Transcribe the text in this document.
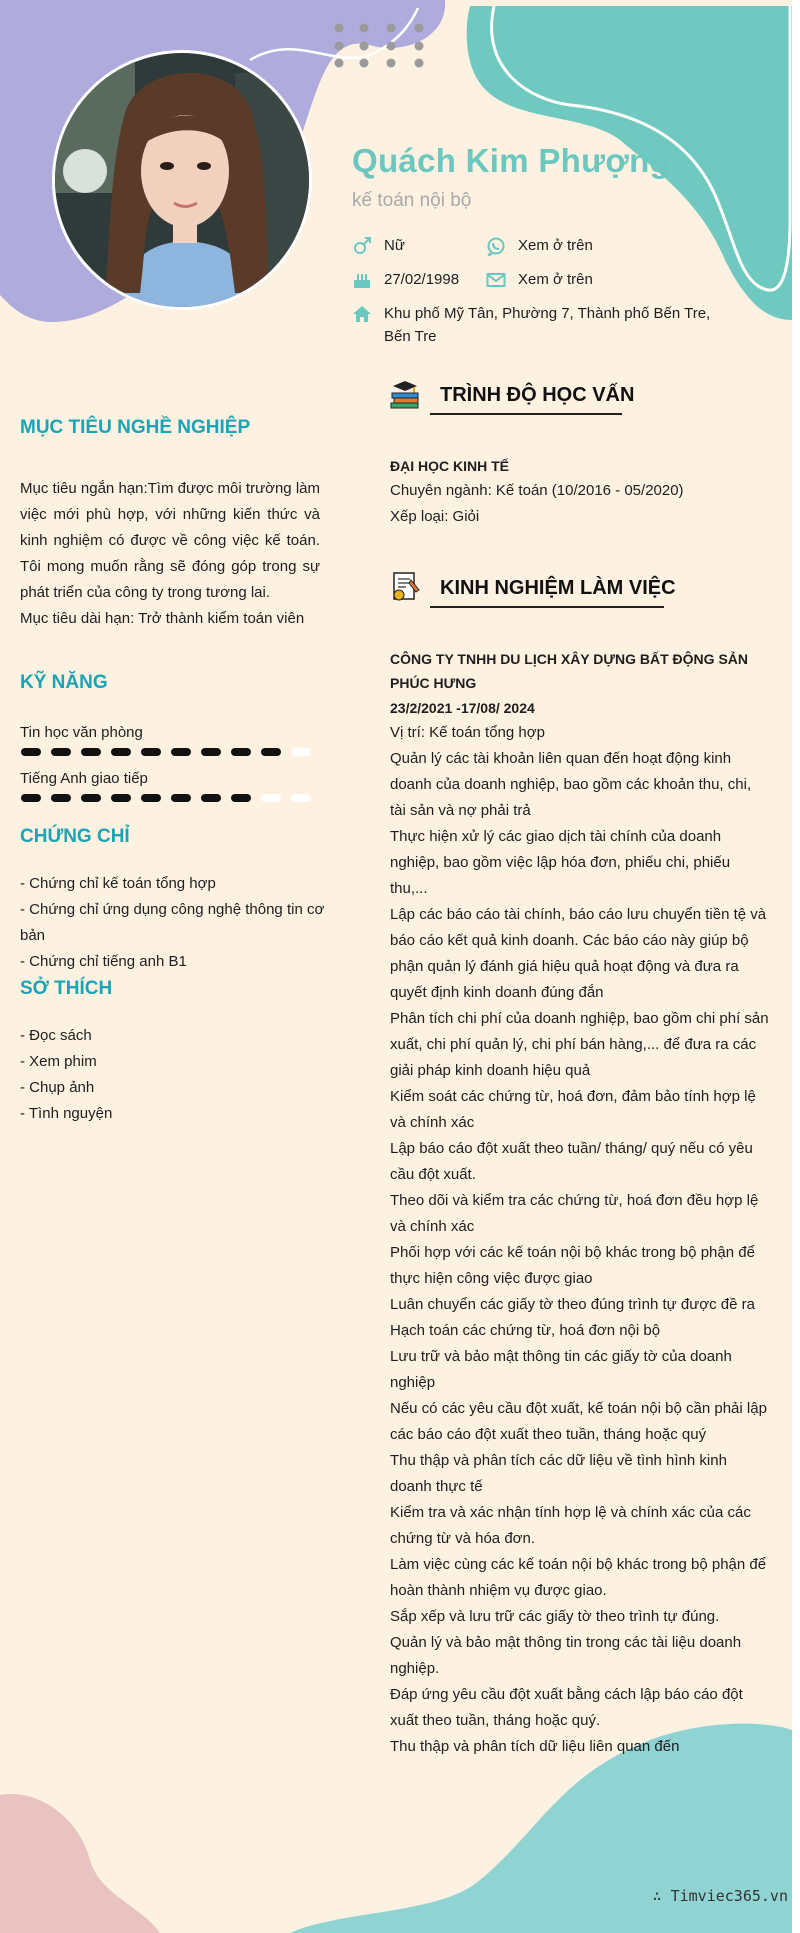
Quách Kim Phượng
kế toán nội bộ
Nữ	Xem ở trên
27/02/1998	Xem ở trên
Khu phố Mỹ Tân, Phường 7, Thành phố Bến Tre,
Bến Tre
MỤC TIÊU NGHỀ NGHIỆP
Mục tiêu ngắn hạn:Tìm được môi trường làm việc mới phù hợp, với những kiến thức và kinh nghiệm có được về công việc kế toán. Tôi mong muốn rằng sẽ đóng góp trong sự phát triển của công ty trong tương lai.
Mục tiêu dài hạn: Trở thành kiểm toán viên
KỸ NĂNG
Tin học văn phòng
Tiếng Anh giao tiếp
CHỨNG CHỈ
- Chứng chỉ kế toán tổng hợp
- Chứng chỉ ứng dụng công nghệ thông tin cơ bản
- Chứng chỉ tiếng anh B1
SỞ THÍCH
- Đọc sách
- Xem phim
- Chụp ảnh
- Tình nguyện
TRÌNH ĐỘ HỌC VẤN
ĐẠI HỌC KINH TẾ
Chuyên ngành: Kế toán (10/2016 - 05/2020)
Xếp loại: Giỏi
KINH NGHIỆM LÀM VIỆC
CÔNG TY TNHH DU LỊCH XÂY DỰNG BẤT ĐỘNG SẢN PHÚC HƯNG
23/2/2021 -17/08/ 2024
Vị trí: Kế toán tổng hợp
Quản lý các tài khoản liên quan đến hoạt động kinh doanh của doanh nghiệp, bao gồm các khoản thu, chi, tài sản và nợ phải trả
Thực hiện xử lý các giao dịch tài chính của doanh nghiệp, bao gồm việc lập hóa đơn, phiếu chi, phiếu thu,...
Lập các báo cáo tài chính, báo cáo lưu chuyển tiền tệ và báo cáo kết quả kinh doanh. Các báo cáo này giúp bộ phận quản lý đánh giá hiệu quả hoạt động và đưa ra quyết định kinh doanh đúng đắn
Phân tích chi phí của doanh nghiệp, bao gồm chi phí sản xuất, chi phí quản lý, chi phí bán hàng,... để đưa ra các giải pháp kinh doanh hiệu quả
Kiểm soát các chứng từ, hoá đơn, đảm bảo tính hợp lệ và chính xác
Lập báo cáo đột xuất theo tuần/ tháng/ quý nếu có yêu cầu đột xuất.
Theo dõi và kiểm tra các chứng từ, hoá đơn đều hợp lệ và chính xác
Phối hợp với các kế toán nội bộ khác trong bộ phận để thực hiện công việc được giao
Luân chuyển các giấy tờ theo đúng trình tự được đề ra
Hạch toán các chứng từ, hoá đơn nội bộ
Lưu trữ và bảo mật thông tin các giấy tờ của doanh nghiệp
Nếu có các yêu cầu đột xuất, kế toán nội bộ cần phải lập các báo cáo đột xuất theo tuần, tháng hoặc quý
Thu thập và phân tích các dữ liệu về tình hình kinh doanh thực tế
Kiểm tra và xác nhận tính hợp lệ và chính xác của các chứng từ và hóa đơn.
Làm việc cùng các kế toán nội bộ khác trong bộ phận để hoàn thành nhiệm vụ được giao.
Sắp xếp và lưu trữ các giấy tờ theo trình tự đúng.
Quản lý và bảo mật thông tin trong các tài liệu doanh nghiệp.
Đáp ứng yêu cầu đột xuất bằng cách lập báo cáo đột xuất theo tuần, tháng hoặc quý.
Thu thập và phân tích dữ liệu liên quan đến
∴ Timviec365.vn
